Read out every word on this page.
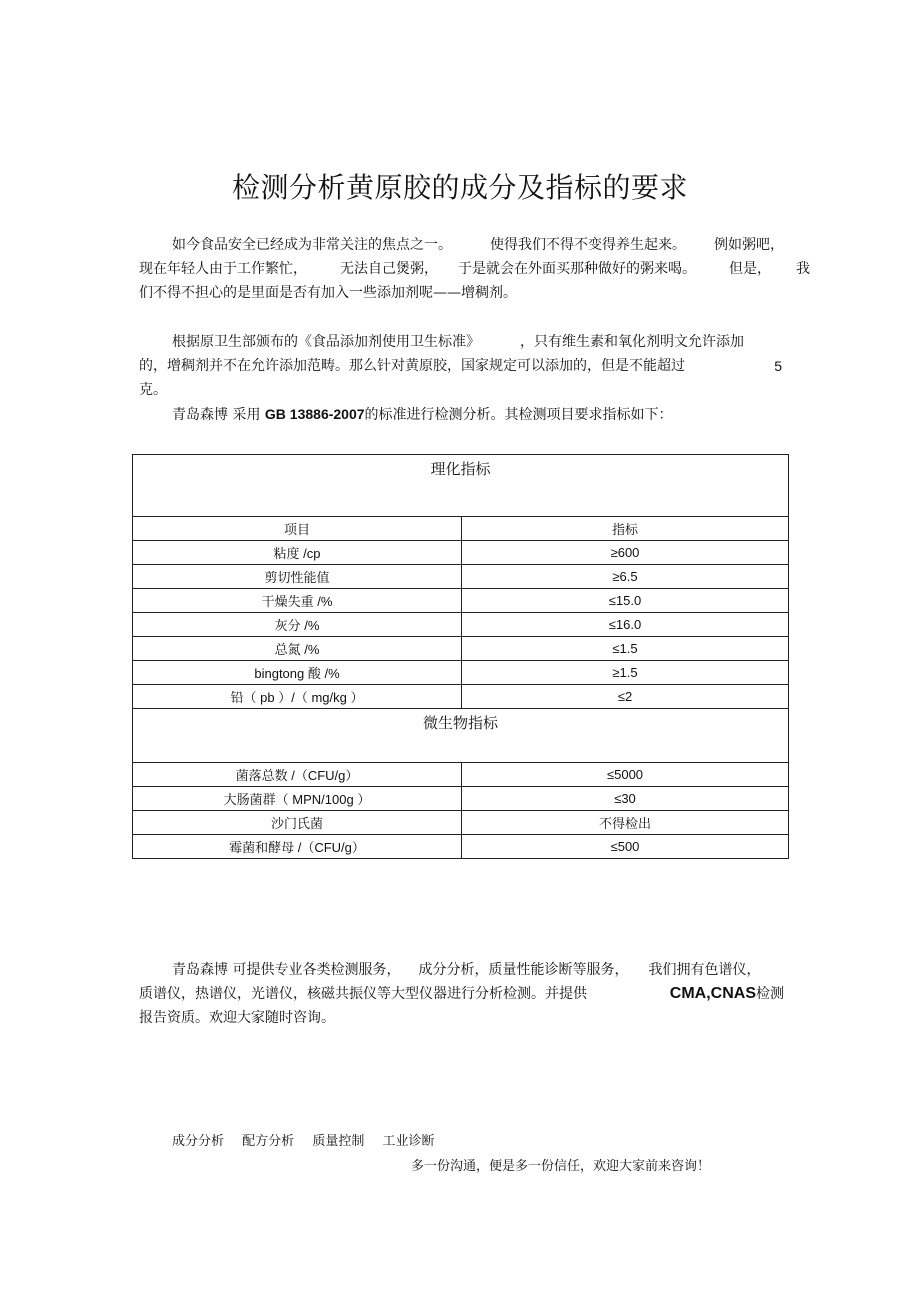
检测分析黄原胶的成分及指标的要求
如今食品安全已经成为非常关注的焦点之一。	使得我们不得不变得养生起来。 例如粥吧，
现在年轻人由于工作繁忙， 无法自己煲粥， 于是就会在外面买那种做好的粥来喝。 但是， 我
们不得不担心的是里面是否有加入一些添加剂呢——增稠剂。
根据原卫生部颁布的《食品添加剂使用卫生标准》	，只有维生素和氧化剂明文允许添加
的，增稠剂并不在允许添加范畴。那么针对黄原胶，国家规定可以添加的，但是不能超过	5
克。
青岛森博 采用 GB 13886-2007的标准进行检测分析。其检测项目要求指标如下：
理化指标	
项目	指标
粘度 /cp	≥600
剪切性能值	≥6.5
干燥失重 /%	≤15.0
灰分 /%	≤16.0
总氮 /%	≤1.5
bingtong 酸 /%	≥1.5
铅（ pb ）/（ mg/kg ）	≤2
微生物指标	
菌落总数 /（CFU/g）	≤5000
大肠菌群（ MPN/100g ）	≤30
沙门氏菌	不得检出
霉菌和酵母 /（CFU/g）	≤500
青岛森博 可提供专业各类检测服务， 成分分析，质量性能诊断等服务， 我们拥有色谱仪，
质谱仪，热谱仪，光谱仪，核磁共振仪等大型仪器进行分析检测。并提供	CMA,CNAS检测
报告资质。欢迎大家随时咨询。
成分分析 配方分析 质量控制 工业诊断
多一份沟通，便是多一份信任，欢迎大家前来咨询！
